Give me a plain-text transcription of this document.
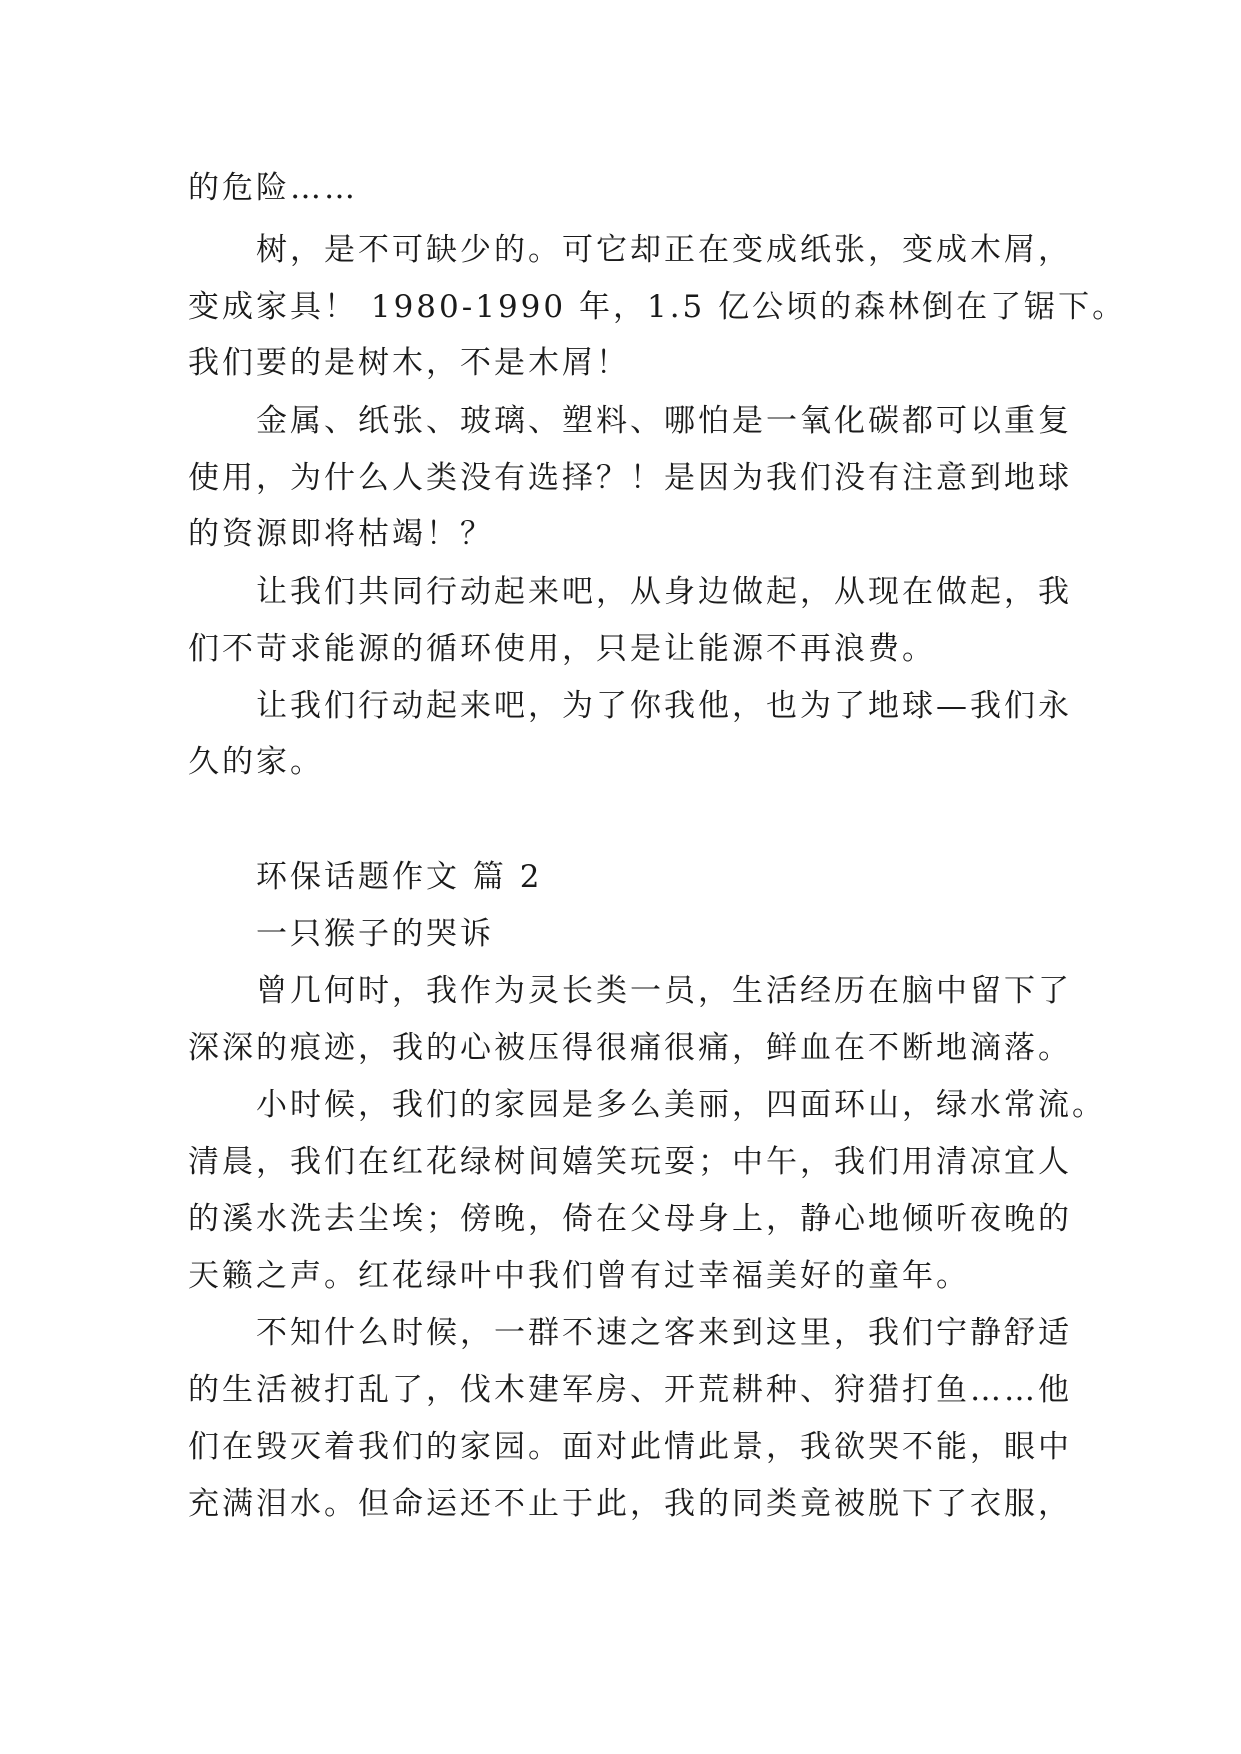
的危险……
树，是不可缺少的。可它却正在变成纸张，变成木屑，
变成家具！ 1980-1990 年，1.5 亿公顷的森林倒在了锯下。
我们要的是树木，不是木屑！
金属、纸张、玻璃、塑料、哪怕是一氧化碳都可以重复
使用，为什么人类没有选择？！是因为我们没有注意到地球
的资源即将枯竭！？
让我们共同行动起来吧，从身边做起，从现在做起，我
们不苛求能源的循环使用，只是让能源不再浪费。
让我们行动起来吧，为了你我他，也为了地球—我们永
久的家。
环保话题作文 篇 2
一只猴子的哭诉
曾几何时，我作为灵长类一员，生活经历在脑中留下了
深深的痕迹，我的心被压得很痛很痛，鲜血在不断地滴落。
小时候，我们的家园是多么美丽，四面环山，绿水常流。
清晨，我们在红花绿树间嬉笑玩耍；中午，我们用清凉宜人
的溪水洗去尘埃；傍晚，倚在父母身上，静心地倾听夜晚的
天籁之声。红花绿叶中我们曾有过幸福美好的童年。
不知什么时候，一群不速之客来到这里，我们宁静舒适
的生活被打乱了，伐木建军房、开荒耕种、狩猎打鱼……他
们在毁灭着我们的家园。面对此情此景，我欲哭不能，眼中
充满泪水。但命运还不止于此，我的同类竟被脱下了衣服，
